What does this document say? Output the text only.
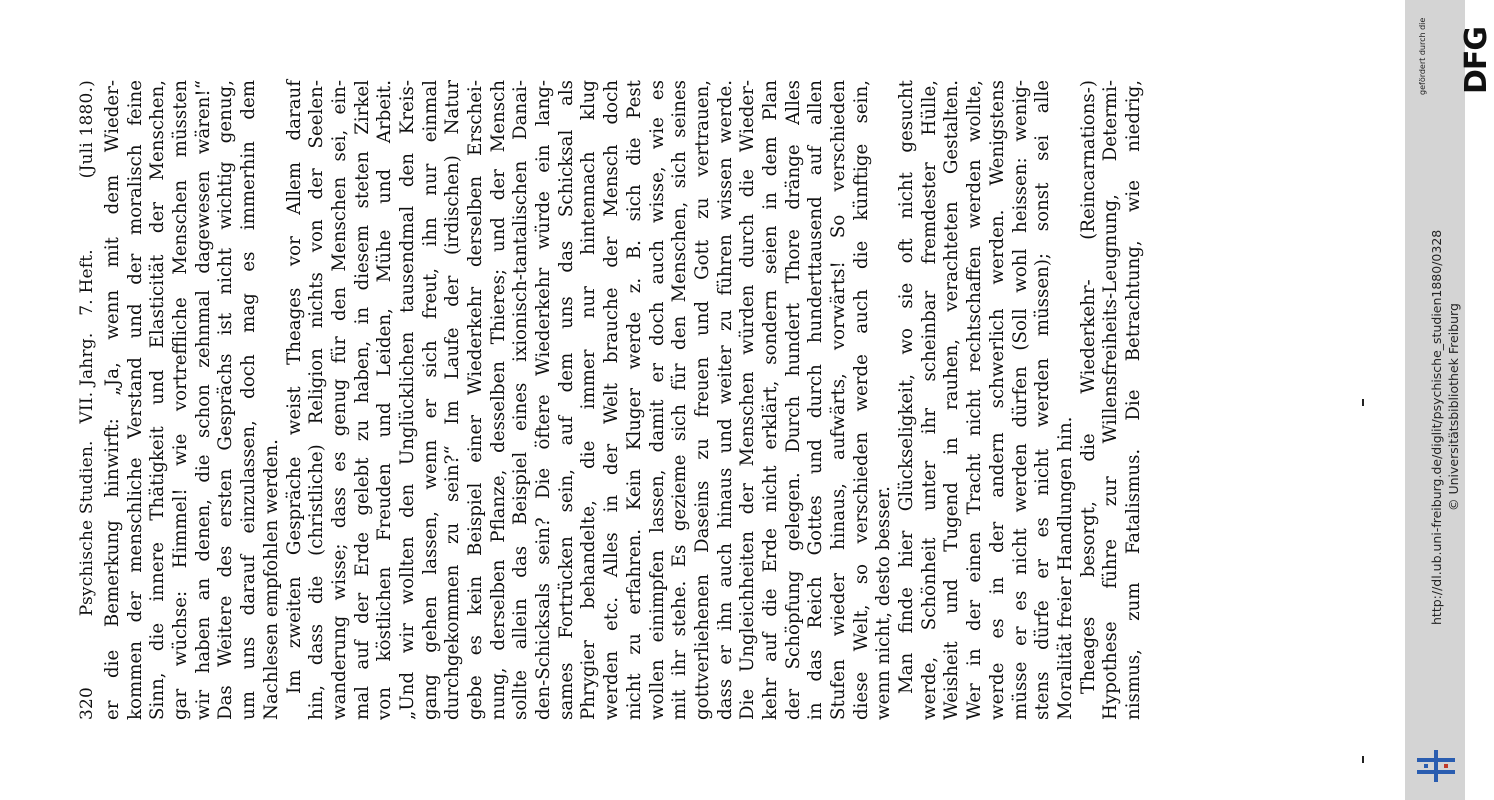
320
Psychische Studien.   VII. Jahrg.   7. Heft.
(Juli 1880.) er die Bemerkung hinwirft: „Ja, wenn mit dem Wieder- kommen der menschliche Verstand und der moralisch feine Sinn, die innere Thätigkeit und Elasticität der Menschen, gar wüchse: Himmel! wie vortreffliche Menschen müssten wir haben an denen, die schon zehnmal dagewesen wären!“ Das Weitere des ersten Gesprächs ist nicht wichtig genug, um uns darauf einzulassen, doch mag es immerhin dem Nachlesen empfohlen werden. Im zweiten Gespräche weist Theages vor Allem darauf hin, dass die (christliche) Religion nichts von der Seelen- wanderung wisse; dass es genug für den Menschen sei, ein- mal auf der Erde gelebt zu haben, in diesem steten Zirkel von köstlichen Freuden und Leiden, Mühe und Arbeit. „Und wir wollten den Unglücklichen tausendmal den Kreis- gang gehen lassen, wenn er sich freut, ihn nur einmal durchgekommen zu sein?“ Im Laufe der (irdischen) Natur gebe es kein Beispiel einer Wiederkehr derselben Erschei- nung, derselben Pflanze, desselben Thieres; und der Mensch sollte allein das Beispiel eines ixionisch-tantalischen Danai- den-Schicksals sein? Die öftere Wiederkehr würde ein lang- sames Fortrücken sein, auf dem uns das Schicksal als Phrygier behandelte, die immer nur hintennach klug werden etc. Alles in der Welt brauche der Mensch doch nicht zu erfahren. Kein Kluger werde z. B. sich die Pest wollen einimpfen lassen, damit er doch auch wisse, wie es mit ihr stehe. Es gezieme sich für den Menschen, sich seines gottverliehenen Daseins zu freuen und Gott zu vertrauen, dass er ihn auch hinaus und weiter zu führen wissen werde. Die Ungleichheiten der Menschen würden durch die Wieder- kehr auf die Erde nicht erklärt, sondern seien in dem Plan der Schöpfung gelegen. Durch hundert Thore dränge Alles in das Reich Gottes und durch hunderttausend auf allen Stufen wieder hinaus, aufwärts, vorwärts! So verschieden diese Welt, so verschieden werde auch die künftige sein, wenn nicht, desto besser. Man finde hier Glückseligkeit, wo sie oft nicht gesucht werde, Schönheit unter ihr scheinbar fremdester Hülle, Weisheit und Tugend in rauhen, verachteten Gestalten. Wer in der einen Tracht nicht rechtschaffen werden wollte, werde es in der andern schwerlich werden. Wenigstens müsse er es nicht werden dürfen (Soll wohl heissen: wenig- stens dürfe er es nicht werden müssen); sonst sei alle Moralität freier Handlungen hin. Theages besorgt, die Wiederkehr- (Reincarnations-) Hypothese führe zur Willensfreiheits-Leugnung, Determi- nismus, zum Fatalismus. Die Betrachtung, wie niedrig,
gefördert durch die DFG
http://dl.ub.uni-freiburg.de/diglit/psychische_studien1880/0328 © Universitätsbibliothek Freiburg
